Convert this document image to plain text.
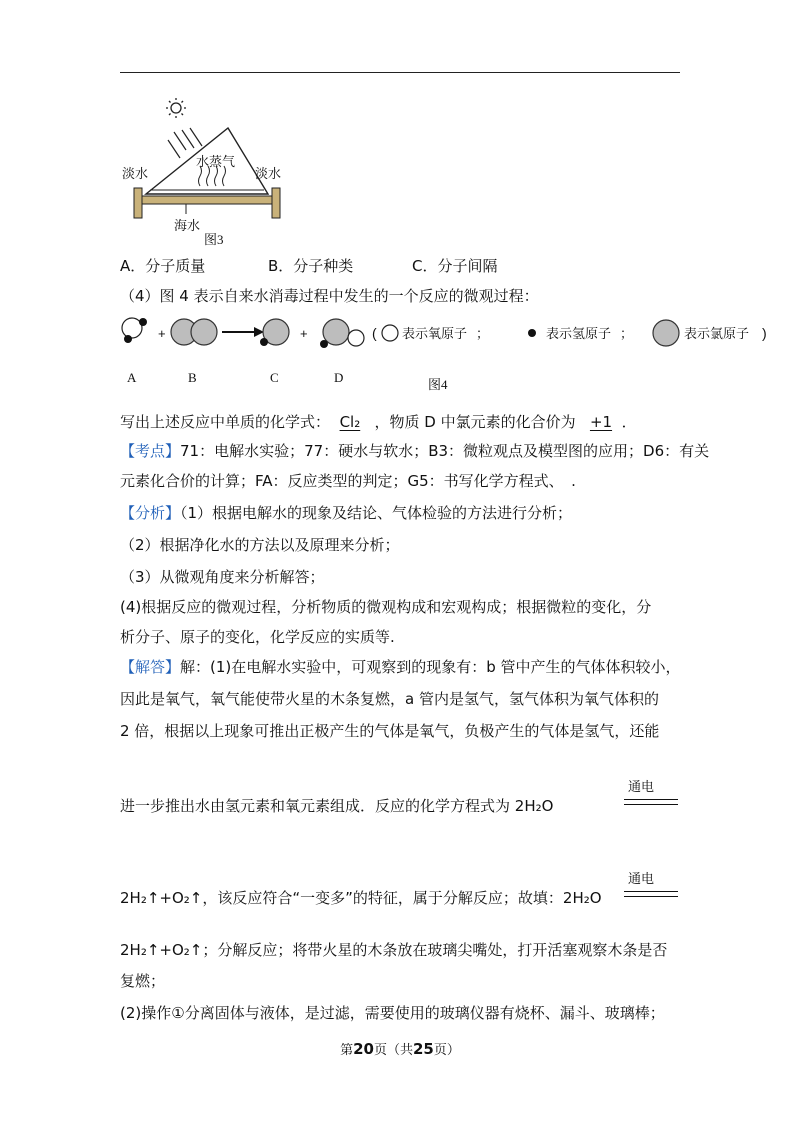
淡水	淡水
水蒸气
海水
图3
A．分子质量	B．分子种类	C．分子间隔
（4）图 4 表示自来水消毒过程中发生的一个反应的微观过程：
+	+	( 表示氧原子 ；	表示氢原子 ；	表示氯原子 )
A	B	C	D	图4
写出上述反应中单质的化学式： Cl₂ ，物质 D 中氯元素的化合价为 +1 ．
【考点】71：电解水实验；77：硬水与软水；B3：微粒观点及模型图的应用；D6：有关
元素化合价的计算；FA：反应类型的判定；G5：书写化学方程式、　.
【分析】（1）根据电解水的现象及结论、气体检验的方法进行分析；
（2）根据净化水的方法以及原理来分析；
（3）从微观角度来分析解答；
(4)根据反应的微观过程，分析物质的微观构成和宏观构成；根据微粒的变化，分
析分子、原子的变化，化学反应的实质等.
【解答】解：(1)在电解水实验中，可观察到的现象有：b 管中产生的气体体积较小，
因此是氧气，氧气能使带火星的木条复燃，a 管内是氢气，氢气体积为氧气体积的
2 倍，根据以上现象可推出正极产生的气体是氧气，负极产生的气体是氢气，还能
进一步推出水由氢元素和氧元素组成．反应的化学方程式为 2H₂O
通电
2H₂↑+O₂↑，该反应符合“一变多”的特征，属于分解反应；故填：2H₂O
通电
2H₂↑+O₂↑；分解反应；将带火星的木条放在玻璃尖嘴处，打开活塞观察木条是否
复燃；
(2)操作①分离固体与液体，是过滤，需要使用的玻璃仪器有烧杯、漏斗、玻璃棒；
第20页（共25页）
